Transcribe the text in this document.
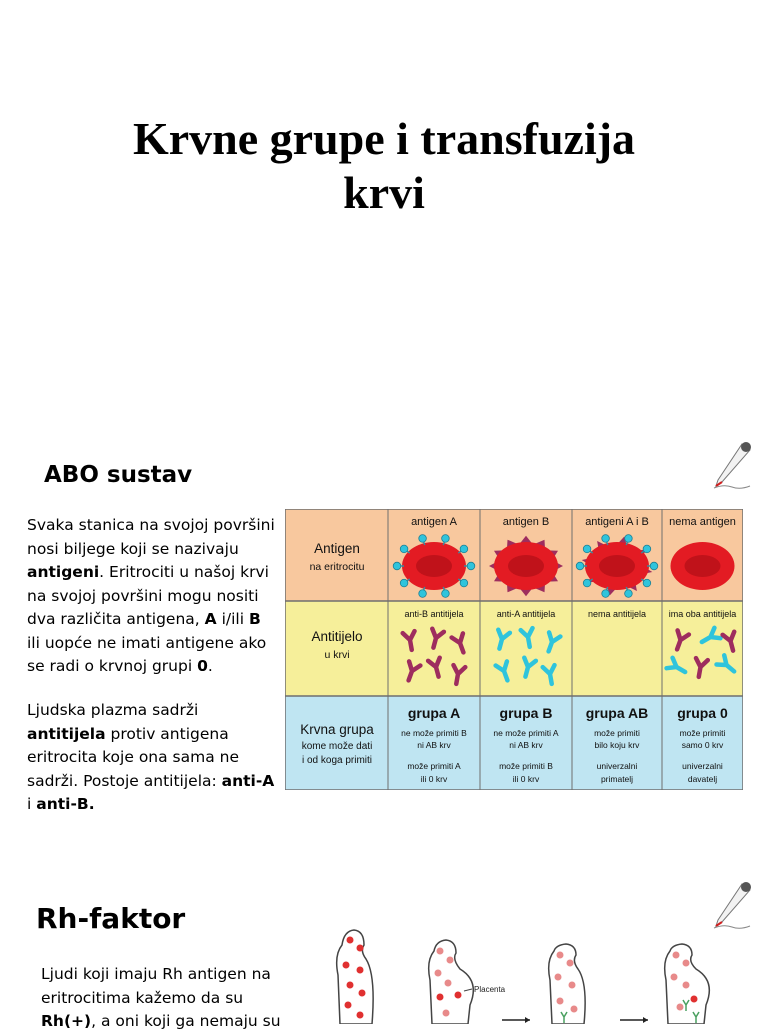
Krvne grupe i transfuzija
krvi
ABO sustav
Svaka stanica na svojoj površini nosi biljege koji se nazivaju antigeni. Eritrociti u našoj krvi na svojoj površini mogu nositi dva različita antigena, A i/ili B ili uopće ne imati antigene ako se radi o krvnoj grupi 0.
Ljudska plazma sadrži antitijela protiv antigena eritrocita koje ona sama ne sadrži. Postoje antitijela: anti-A i anti-B.
Antigen
na eritrocitu
Antitijelo
u krvi
Krvna grupa
kome može dati
i od koga primiti
antigen A
anti-B antitijela
grupa A
ne može primiti B
ni AB krv
može primiti A
ili 0 krv
antigen B
anti-A antitijela
grupa B
ne može primiti A
ni AB krv
može primiti B
ili 0 krv
antigeni A i B
nema antitijela
grupa AB
može primiti
bilo koju krv
univerzalni
primatelj
nema antigen
ima oba antitijela
grupa 0
može primiti
samo 0 krv
univerzalni
davatelj
Rh-faktor
Ljudi koji imaju Rh antigen na eritrocitima kažemo da su Rh(+), a oni koji ga nemaju su
Placenta
